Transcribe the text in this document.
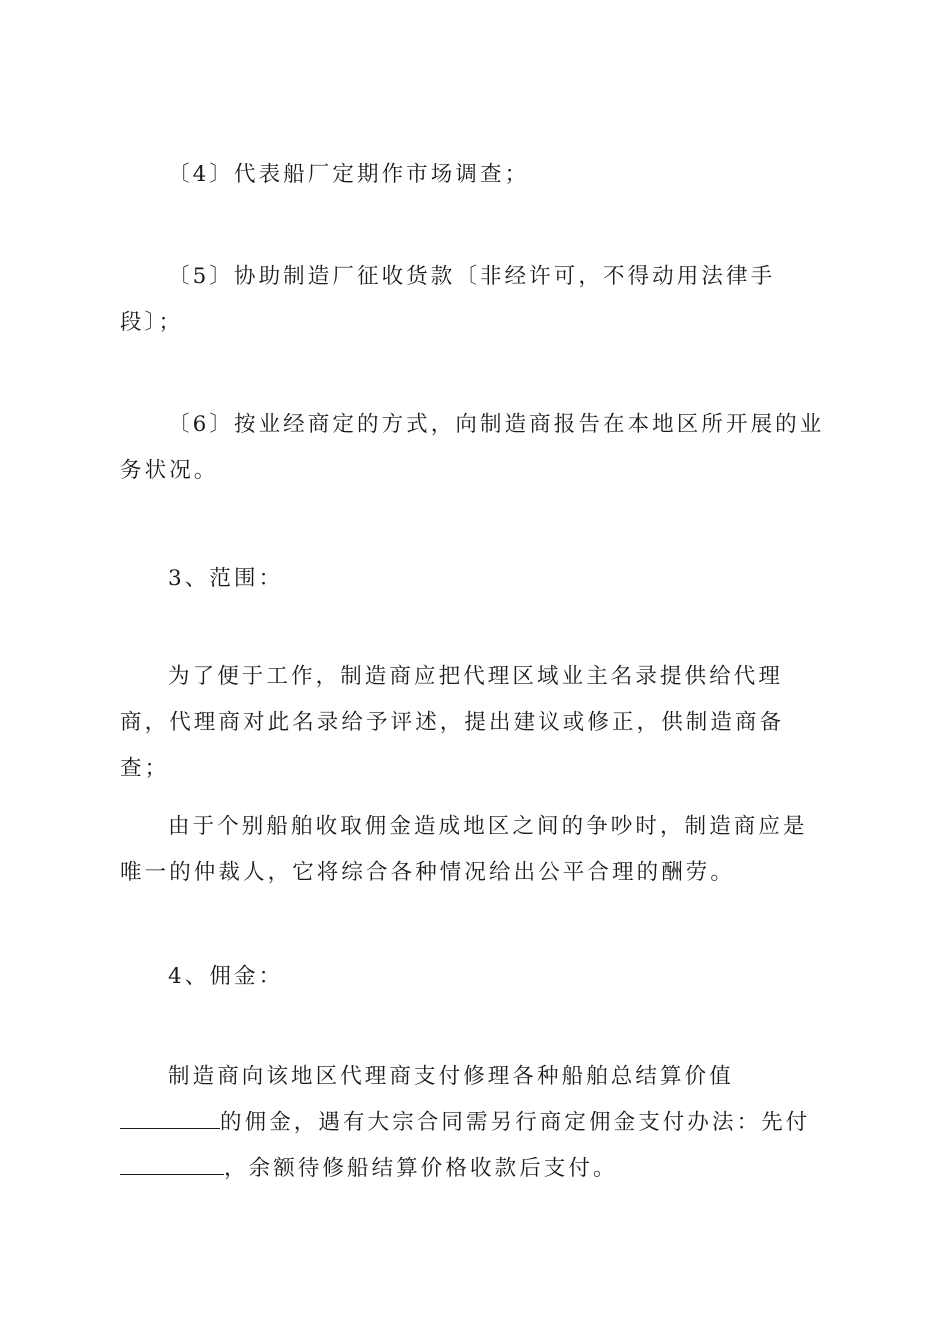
〔4〕代表船厂定期作市场调查；

〔5〕协助制造厂征收货款〔非经许可，不得动用法律手段〕；

〔6〕按业经商定的方式，向制造商报告在本地区所开展的业务状况。

3、范围：

为了便于工作，制造商应把代理区域业主名录提供给代理商，代理商对此名录给予评述，提出建议或修正，供制造商备查；

由于个别船舶收取佣金造成地区之间的争吵时，制造商应是唯一的仲裁人，它将综合各种情况给出公平合理的酬劳。

4、佣金：

制造商向该地区代理商支付修理各种船舶总结算价值的佣金，遇有大宗合同需另行商定佣金支付办法：先付，余额待修船结算价格收款后支付。
